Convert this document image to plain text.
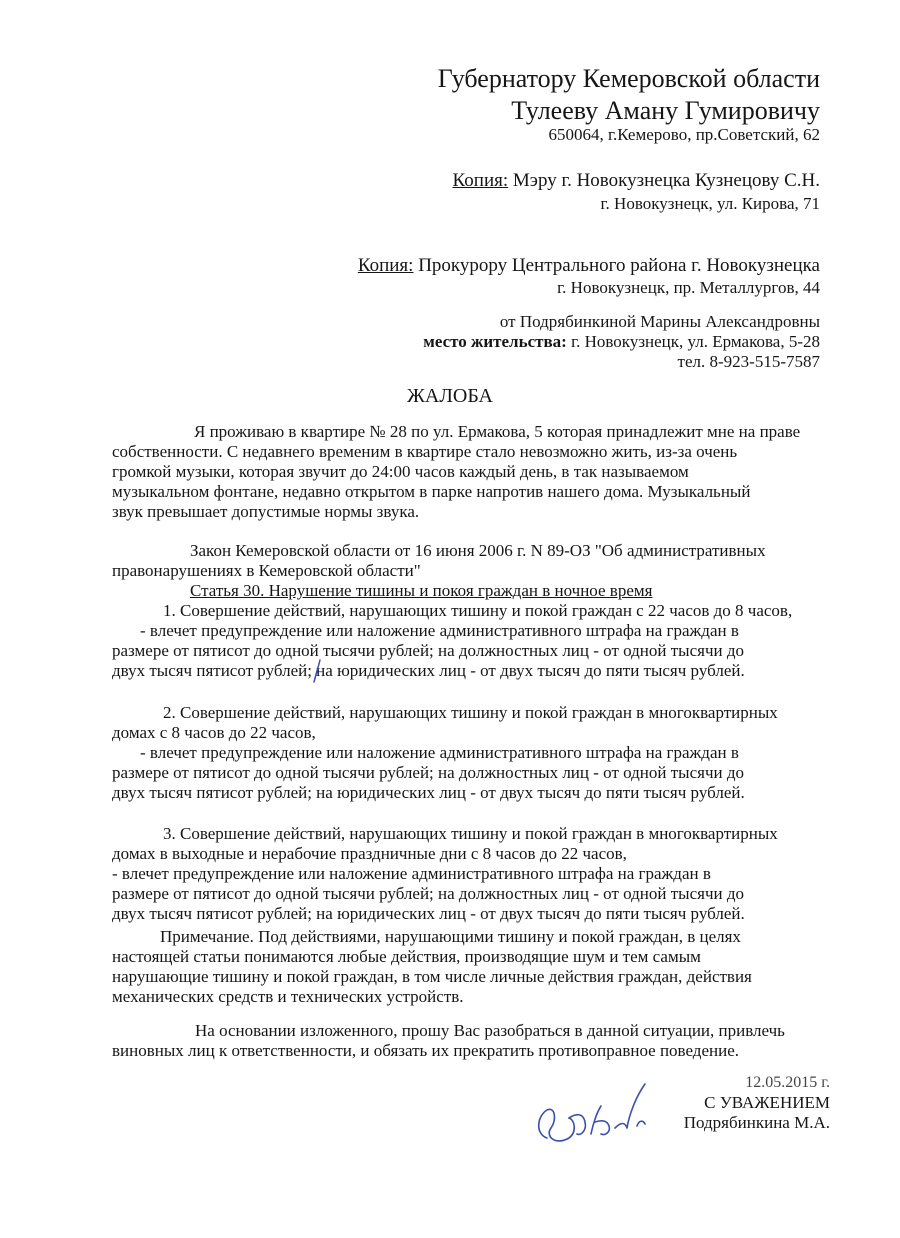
Губернатору Кемеровской области
Тулееву Аману Гумировичу
650064, г.Кемерово, пр.Советский, 62
Копия: Мэру г. Новокузнецка Кузнецову С.Н.
г. Новокузнецк, ул. Кирова, 71
Копия: Прокурору Центрального района г. Новокузнецка
г. Новокузнецк, пр. Металлургов, 44
от Подрябинкиной Марины Александровны
место жительства: г. Новокузнецк, ул. Ермакова, 5-28
тел. 8-923-515-7587
ЖАЛОБА
Я проживаю в квартире № 28 по ул. Ермакова, 5 которая принадлежит мне на праве
собственности. С недавнего временим в квартире стало невозможно жить, из-за очень
громкой музыки, которая звучит до 24:00 часов каждый день, в так называемом
музыкальном фонтане, недавно открытом в парке напротив нашего дома. Музыкальный
звук превышает допустимые нормы звука.
Закон Кемеровской области от 16 июня 2006 г. N 89-ОЗ "Об административных
правонарушениях в Кемеровской области"
Статья 30. Нарушение тишины и покоя граждан в ночное время
1. Совершение действий, нарушающих тишину и покой граждан с 22 часов до 8 часов,
- влечет предупреждение или наложение административного штрафа на граждан в
размере от пятисот до одной тысячи рублей; на должностных лиц - от одной тысячи до
двух тысяч пятисот рублей; на юридических лиц - от двух тысяч до пяти тысяч рублей.
2. Совершение действий, нарушающих тишину и покой граждан в многоквартирных
домах с 8 часов до 22 часов,
- влечет предупреждение или наложение административного штрафа на граждан в
размере от пятисот до одной тысячи рублей; на должностных лиц - от одной тысячи до
двух тысяч пятисот рублей; на юридических лиц - от двух тысяч до пяти тысяч рублей.
3. Совершение действий, нарушающих тишину и покой граждан в многоквартирных
домах в выходные и нерабочие праздничные дни с 8 часов до 22 часов,
- влечет предупреждение или наложение административного штрафа на граждан в
размере от пятисот до одной тысячи рублей; на должностных лиц - от одной тысячи до
двух тысяч пятисот рублей; на юридических лиц - от двух тысяч до пяти тысяч рублей.
Примечание. Под действиями, нарушающими тишину и покой граждан, в целях
настоящей статьи понимаются любые действия, производящие шум и тем самым
нарушающие тишину и покой граждан, в том числе личные действия граждан, действия
механических средств и технических устройств.
На основании изложенного, прошу Вас разобраться в данной ситуации, привлечь
виновных лиц к ответственности, и обязать их прекратить противоправное поведение.
12.05.2015 г.
С УВАЖЕНИЕМ
Подрябинкина М.А.
